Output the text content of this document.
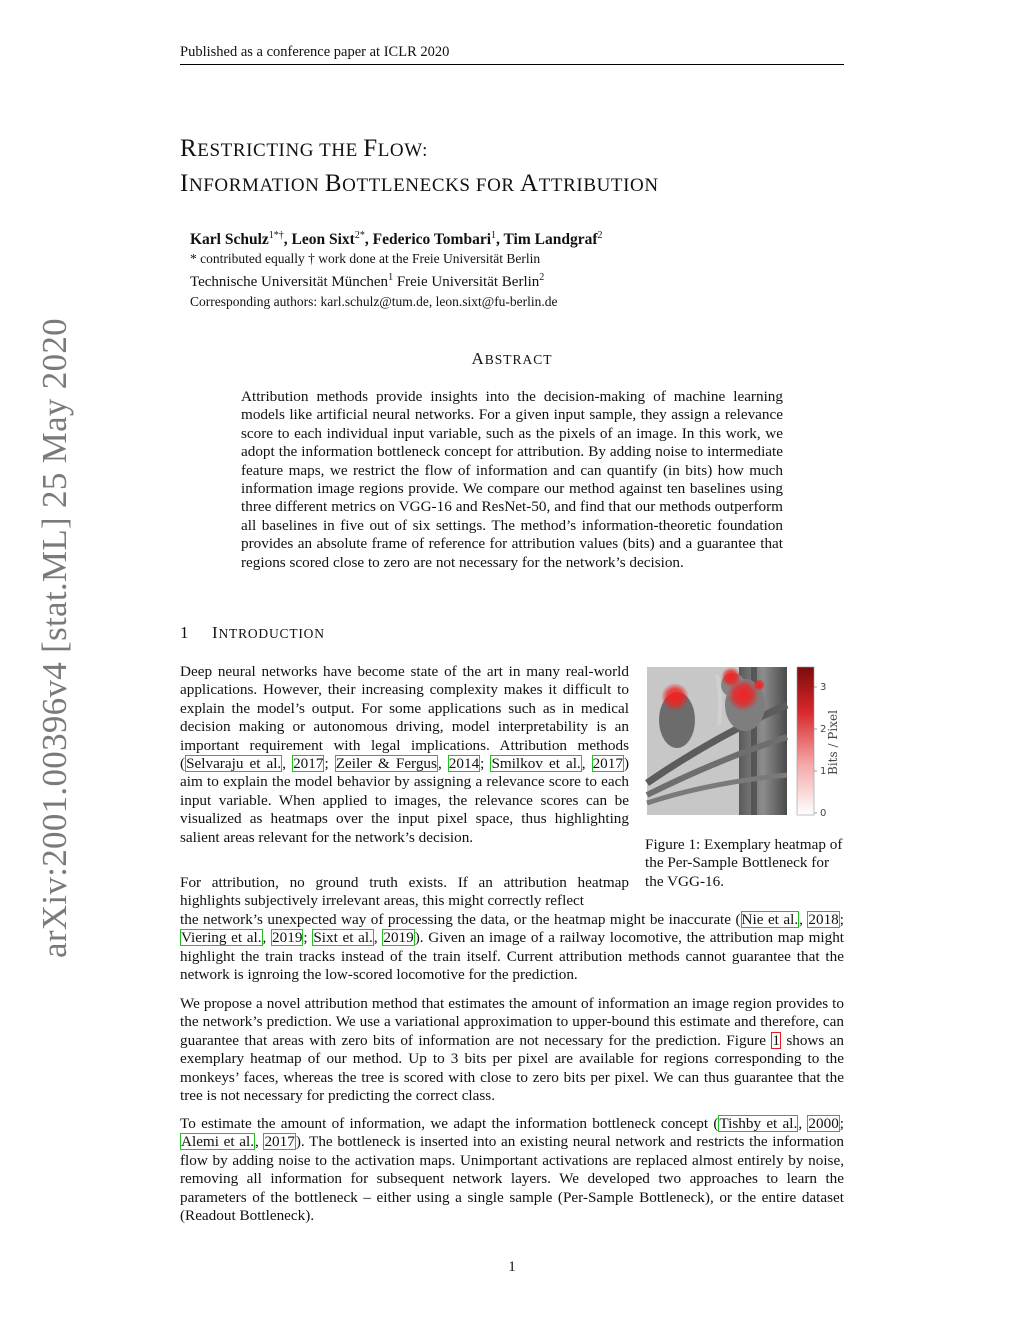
Published as a conference paper at ICLR 2020
arXiv:2001.00396v4 [stat.ML] 25 May 2020
RESTRICTING THE FLOW:
INFORMATION BOTTLENECKS FOR ATTRIBUTION
Karl Schulz$^{1*\dagger}$, Leon Sixt$^{2*}$, Federico Tombari$^1$, Tim Landgraf$^2$
* contributed equally † work done at the Freie Universität Berlin
Technische Universität München$^1$ Freie Universität Berlin$^2$
Corresponding authors: karl.schulz@tum.de, leon.sixt@fu-berlin.de
ABSTRACT
Attribution methods provide insights into the decision-making of machine learning models like artificial neural networks. For a given input sample, they assign a relevance score to each individual input variable, such as the pixels of an image. In this work, we adopt the information bottleneck concept for attribution. By adding noise to intermediate feature maps, we restrict the flow of information and can quantify (in bits) how much information image regions provide. We compare our method against ten baselines using three different metrics on VGG-16 and ResNet-50, and find that our methods outperform all baselines in five out of six settings. The method’s information-theoretic foundation provides an absolute frame of reference for attribution values (bits) and a guarantee that regions scored close to zero are not necessary for the network’s decision.
1 INTRODUCTION
Deep neural networks have become state of the art in many real-world applications. However, their increasing complexity makes it difficult to explain the model’s output. For some applications such as in medical decision making or autonomous driving, model interpretability is an important requirement with legal implications. Attribution methods (Selvaraju et al., 2017; Zeiler & Fergus, 2014; Smilkov et al., 2017) aim to explain the model behavior by assigning a relevance score to each input variable. When applied to images, the relevance scores can be visualized as heatmaps over the input pixel space, thus highlighting salient areas relevant for the network’s decision.
For attribution, no ground truth exists. If an attribution heatmap highlights subjectively irrelevant areas, this might correctly reflect
the network’s unexpected way of processing the data, or the heatmap might be inaccurate (Nie et al., 2018; Viering et al., 2019; Sixt et al., 2019). Given an image of a railway locomotive, the attribution map might highlight the train tracks instead of the train itself. Current attribution methods cannot guarantee that the network is ignroing the low-scored locomotive for the prediction.
We propose a novel attribution method that estimates the amount of information an image region provides to the network’s prediction. We use a variational approximation to upper-bound this estimate and therefore, can guarantee that areas with zero bits of information are not necessary for the prediction. Figure 1 shows an exemplary heatmap of our method. Up to 3 bits per pixel are available for regions corresponding to the monkeys’ faces, whereas the tree is scored with close to zero bits per pixel. We can thus guarantee that the tree is not necessary for predicting the correct class.
To estimate the amount of information, we adapt the information bottleneck concept (Tishby et al., 2000; Alemi et al., 2017). The bottleneck is inserted into an existing neural network and restricts the information flow by adding noise to the activation maps. Unimportant activations are replaced almost entirely by noise, removing all information for subsequent network layers. We developed two approaches to learn the parameters of the bottleneck – either using a single sample (Per-Sample Bottleneck), or the entire dataset (Readout Bottleneck).
3
2
1
0
Bits / Pixel
Figure 1: Exemplary heatmap of the Per-Sample Bottleneck for the VGG-16.
1
